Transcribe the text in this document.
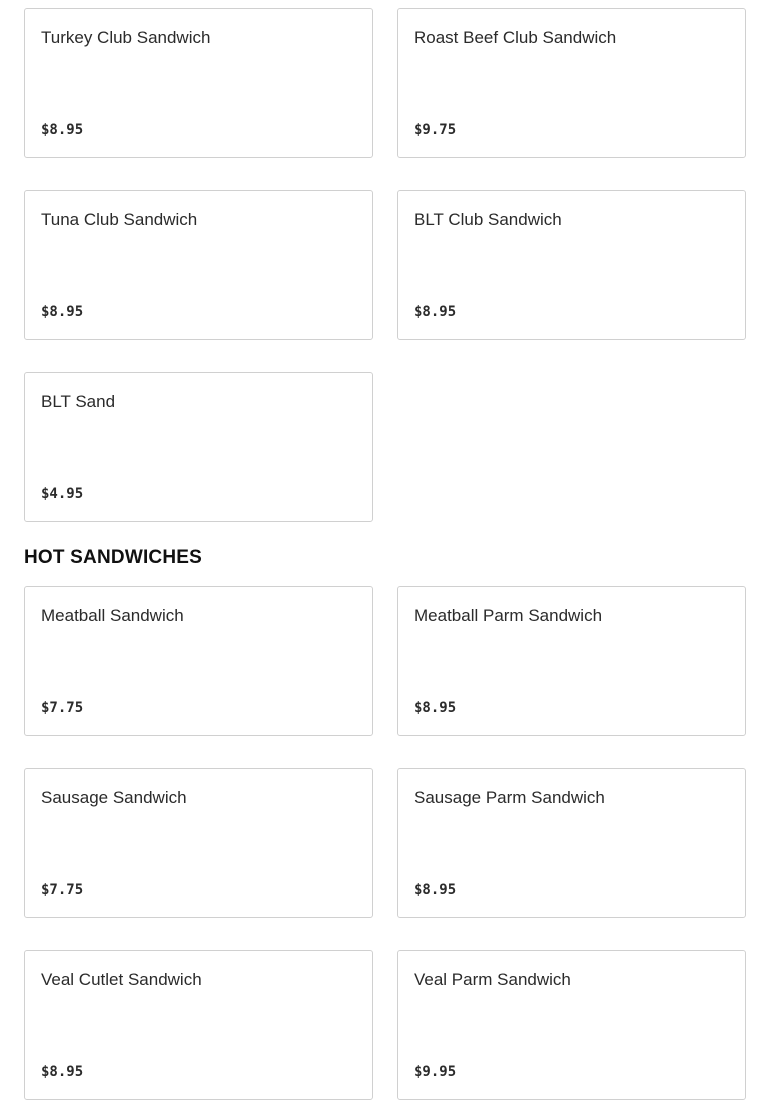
Turkey Club Sandwich
$8.95
Roast Beef Club Sandwich
$9.75
Tuna Club Sandwich
$8.95
BLT Club Sandwich
$8.95
BLT Sand
$4.95
HOT SANDWICHES
Meatball Sandwich
$7.75
Meatball Parm Sandwich
$8.95
Sausage Sandwich
$7.75
Sausage Parm Sandwich
$8.95
Veal Cutlet Sandwich
$8.95
Veal Parm Sandwich
$9.95
